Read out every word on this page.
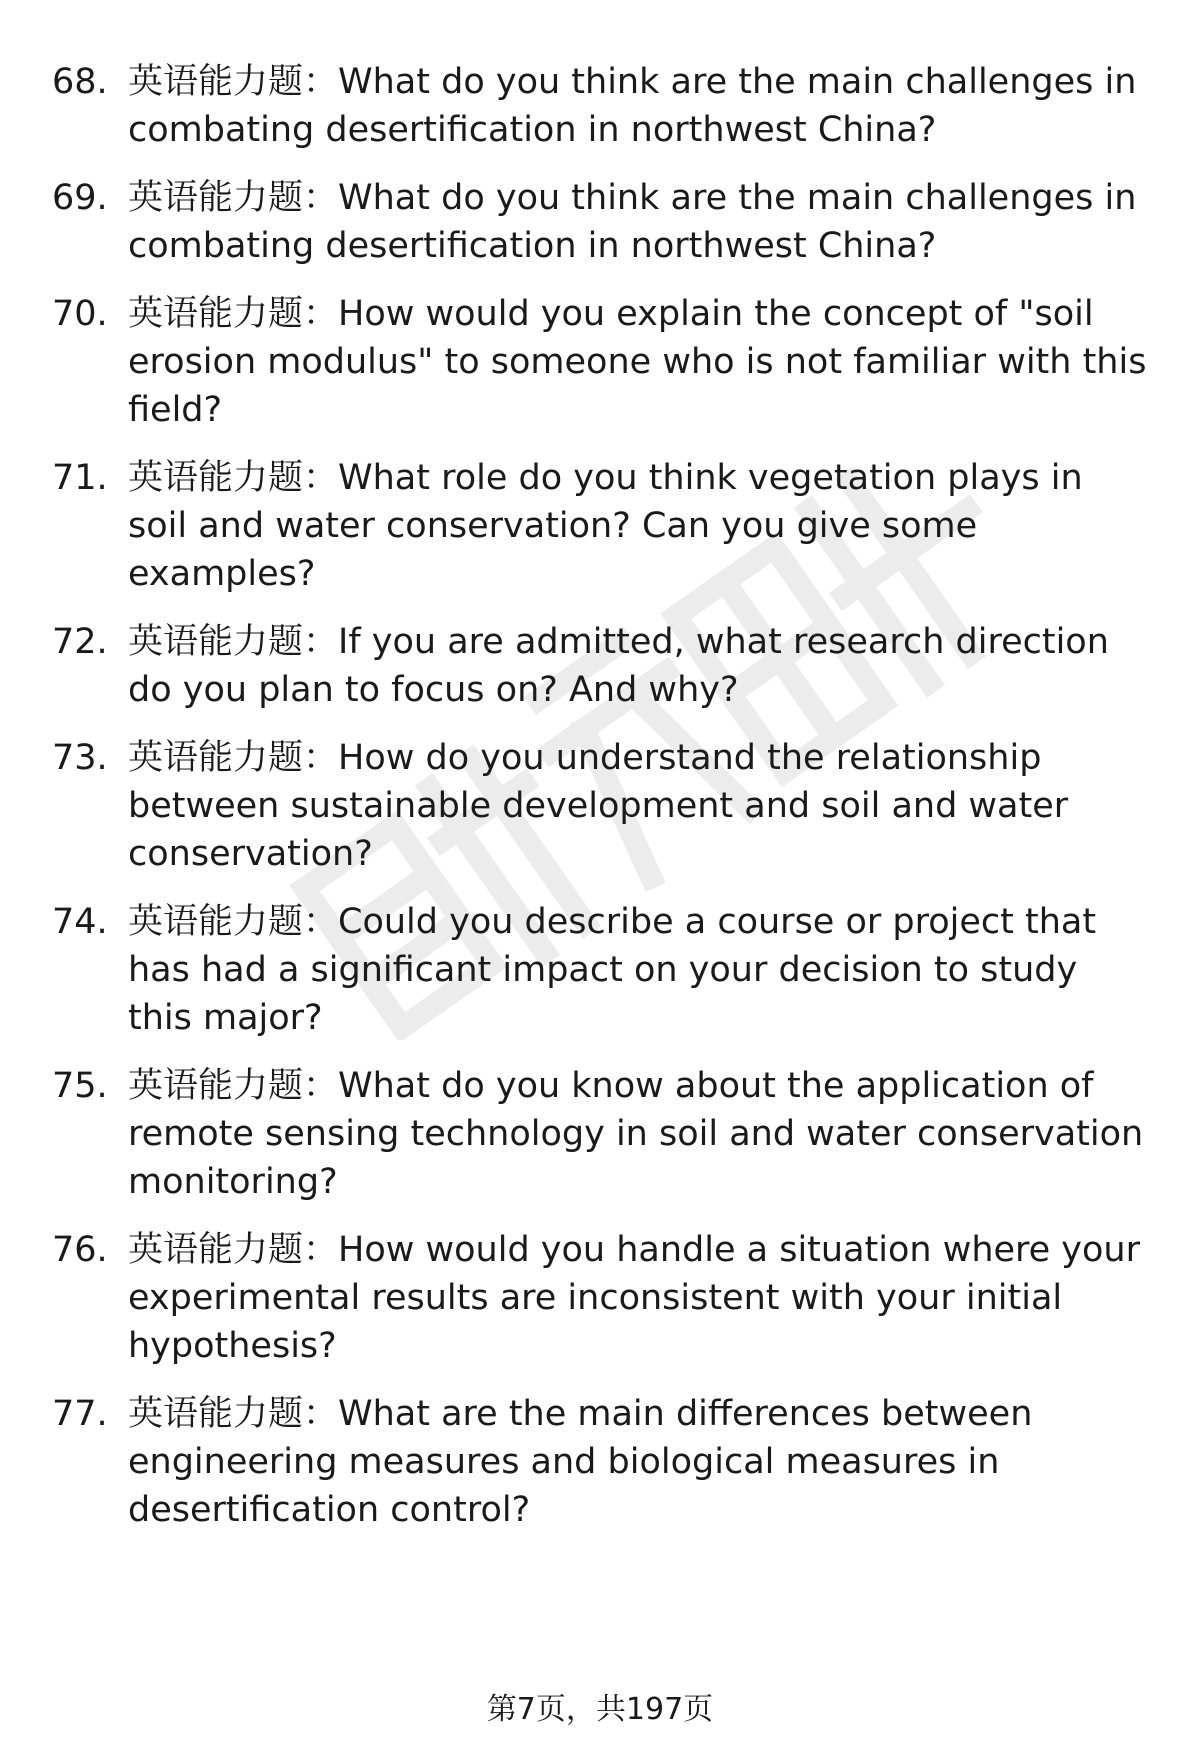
68. 英语能力题：What do you think are the main challenges in combating desertification in northwest China?
69. 英语能力题：What do you think are the main challenges in combating desertification in northwest China?
70. 英语能力题：How would you explain the concept of "soil erosion modulus" to someone who is not familiar with this field?
71. 英语能力题：What role do you think vegetation plays in soil and water conservation? Can you give some examples?
72. 英语能力题：If you are admitted, what research direction do you plan to focus on? And why?
73. 英语能力题：How do you understand the relationship between sustainable development and soil and water conservation?
74. 英语能力题：Could you describe a course or project that has had a significant impact on your decision to study this major?
75. 英语能力题：What do you know about the application of remote sensing technology in soil and water conservation monitoring?
76. 英语能力题：How would you handle a situation where your experimental results are inconsistent with your initial hypothesis?
77. 英语能力题：What are the main differences between engineering measures and biological measures in desertification control?
第7页，共197页
